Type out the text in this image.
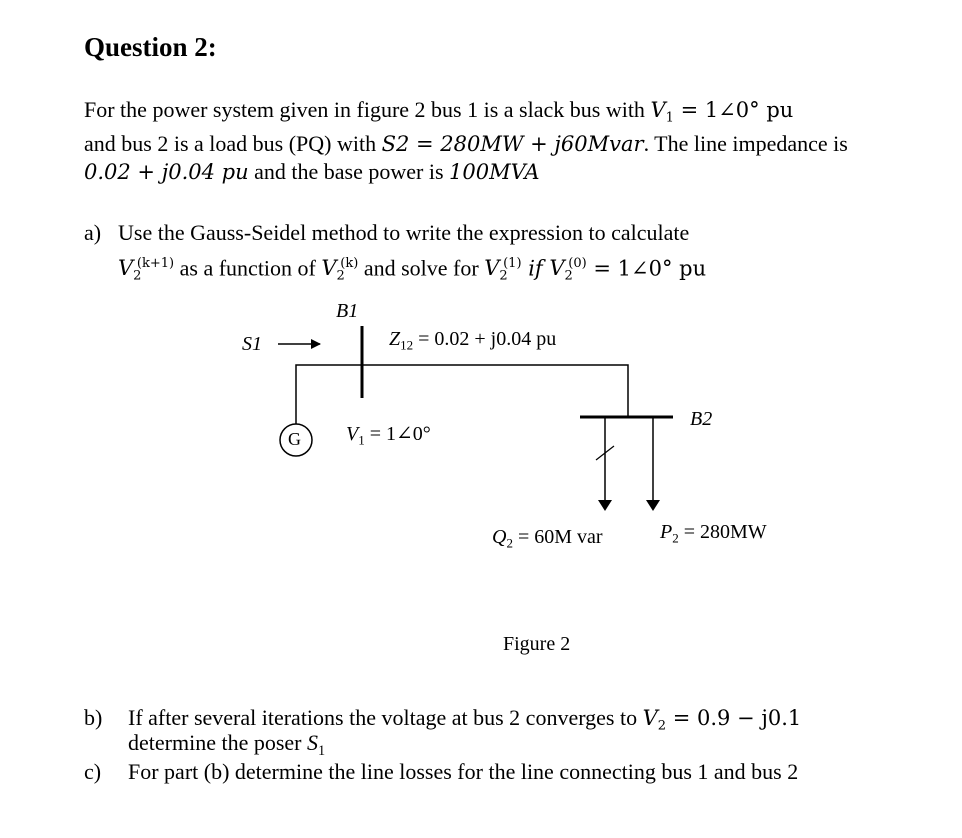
Question 2:
For the power system given in figure 2 bus 1 is a slack bus with $V_1$ = 1∠0° pu
and bus 2 is a load bus (PQ) with S2 = 280MW + j60Mvar. The line impedance is
0.02 + j0.04 pu and the base power is 100MVA
a) Use the Gauss-Seidel method to write the expression to calculate
$V_2^{(k+1)}$ as a function of $V_2^{(k)}$ and solve for $V_2^{(1)}$ if $V_2^{(0)}$ = 1∠0° pu
B1
S1	$Z_{12} = 0.02 + j0.04$ pu
G $V_1$ = 1∠0°
B2
$Q_2 = 60M$ var	$P_2 = 280MW$
Figure 2
b) If after several iterations the voltage at bus 2 converges to $V_2 = 0.9 - j0.1$
determine the poser $S_1$
c) For part (b) determine the line losses for the line connecting bus 1 and bus 2
